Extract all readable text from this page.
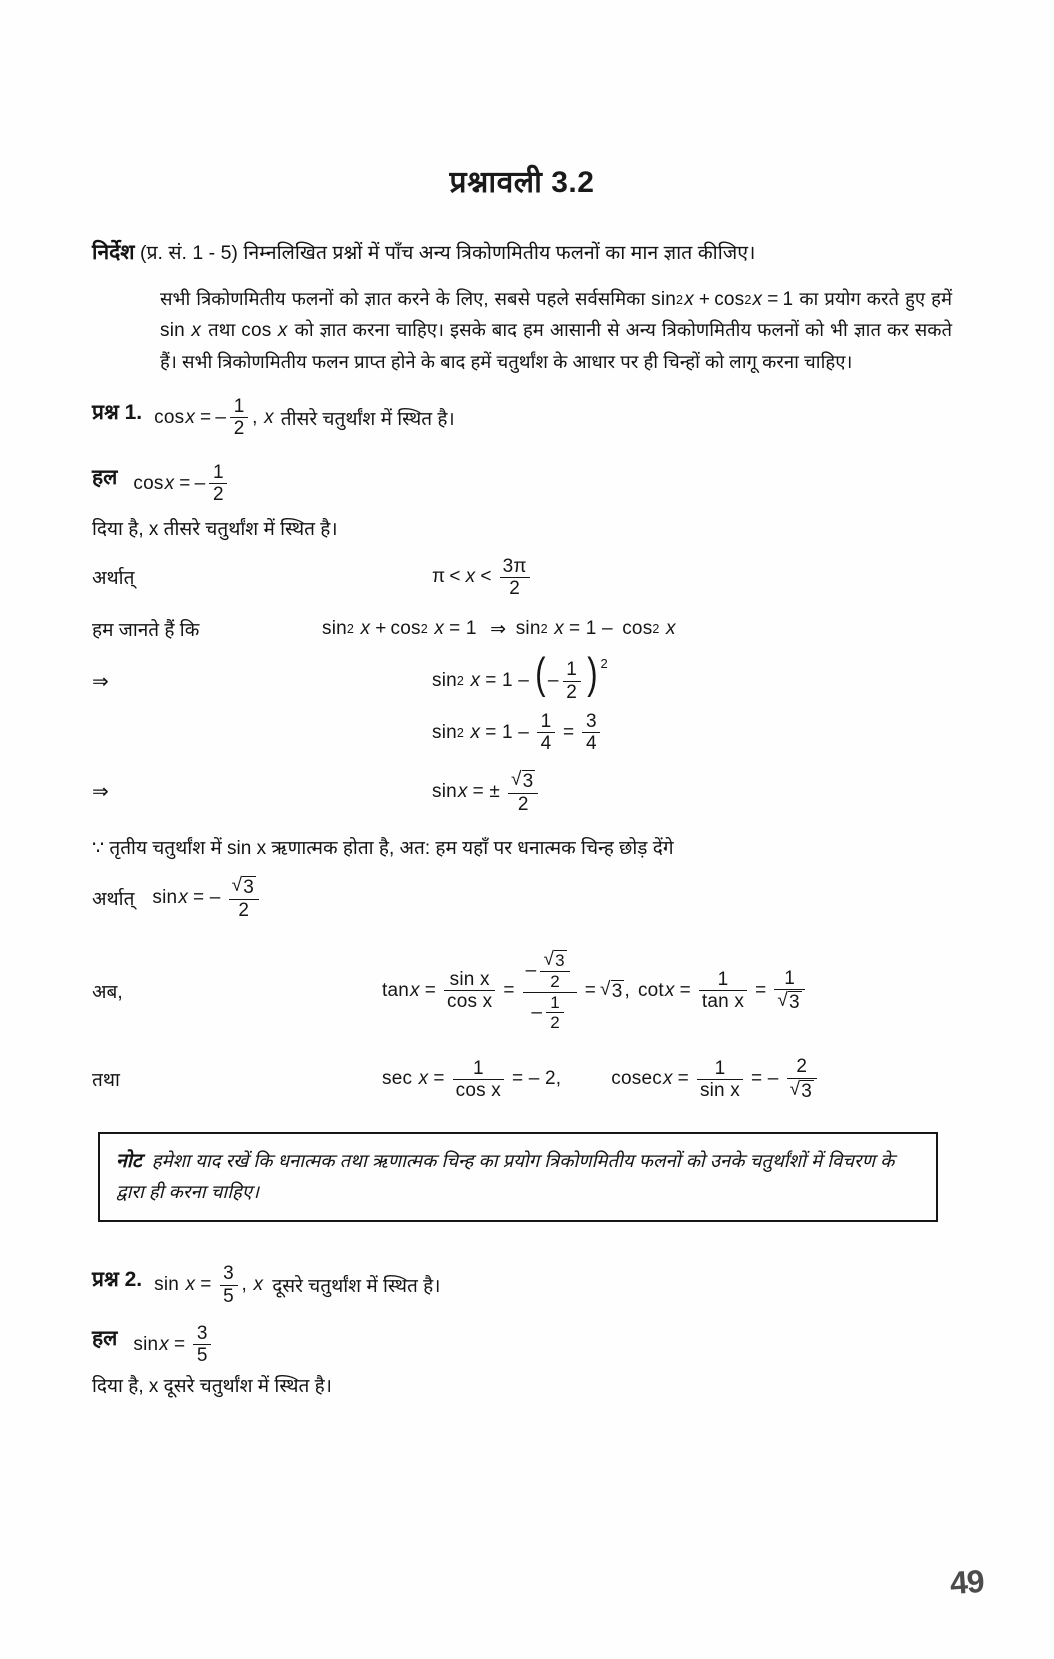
प्रश्नावली 3.2
निर्देश (प्र. सं. 1 - 5) निम्नलिखित प्रश्नों में पाँच अन्य त्रिकोणमितीय फलनों का मान ज्ञात कीजिए।
सभी त्रिकोणमितीय फलनों को ज्ञात करने के लिए, सबसे पहले सर्वसमिका sin 2 x + cos 2 x = 1 का प्रयोग करते हुए हमें sin x तथा cos x को ज्ञात करना चाहिए। इसके बाद हम आसानी से अन्य त्रिकोणमितीय फलनों को भी ज्ञात कर सकते हैं। सभी त्रिकोणमितीय फलन प्राप्त होने के बाद हमें चतुर्थांश के आधार पर ही चिन्हों को लागू करना चाहिए।
प्रश्न 1. cos x = – $\frac{1}{2}$ , x तीसरे चतुर्थांश में स्थित है।
हल cos x = – $\frac{1}{2}$
दिया है, x तीसरे चतुर्थांश में स्थित है।
अर्थात्	$\pi < x < \frac{3\pi}{2}$
हम जानते हैं कि	sin 2 x + cos 2 x = 1 ⇒ sin 2 x = 1 – cos 2 x
⇒	sin 2 x = 1 – ( – $\frac{1}{2}$ ) 2
sin 2 $x = 1 - \frac{1}{4} = \frac{3}{4}$
⇒	sin x = ± $\frac{√ 3}{2}$
∵ तृतीय चतुर्थांश में sin x ऋणात्मक होता है, अत: हम यहाँ पर धनात्मक चिन्ह छोड़ देंगे
अर्थात् sin x = – $\frac{√ 3}{2}$
अब,	$\tan x = \frac{\text{sin x}}{\text{cos x}}$ =
– $\frac{√ 3}{2}$
– $\frac{1}{2}$
= √ 3 , $\cot x = \frac{1}{\text{tan x}} = \frac{1}{√ 3}$
तथा	$\sec x = \frac{1}{\text{cos x}}$ = – 2,	cosec $x = \frac{1}{\text{sin x}}$ = – $\frac{2}{√ 3}$
नोट हमेशा याद रखें कि धनात्मक तथा ऋणात्मक चिन्ह का प्रयोग त्रिकोणमितीय फलनों को उनके चतुर्थांशों में विचरण के द्वारा ही करना चाहिए।
प्रश्न 2. $\sin x = \frac{3}{5}$ , x दूसरे चतुर्थांश में स्थित है।
हल $\sin x = \frac{3}{5}$
दिया है, x दूसरे चतुर्थांश में स्थित है।
49
